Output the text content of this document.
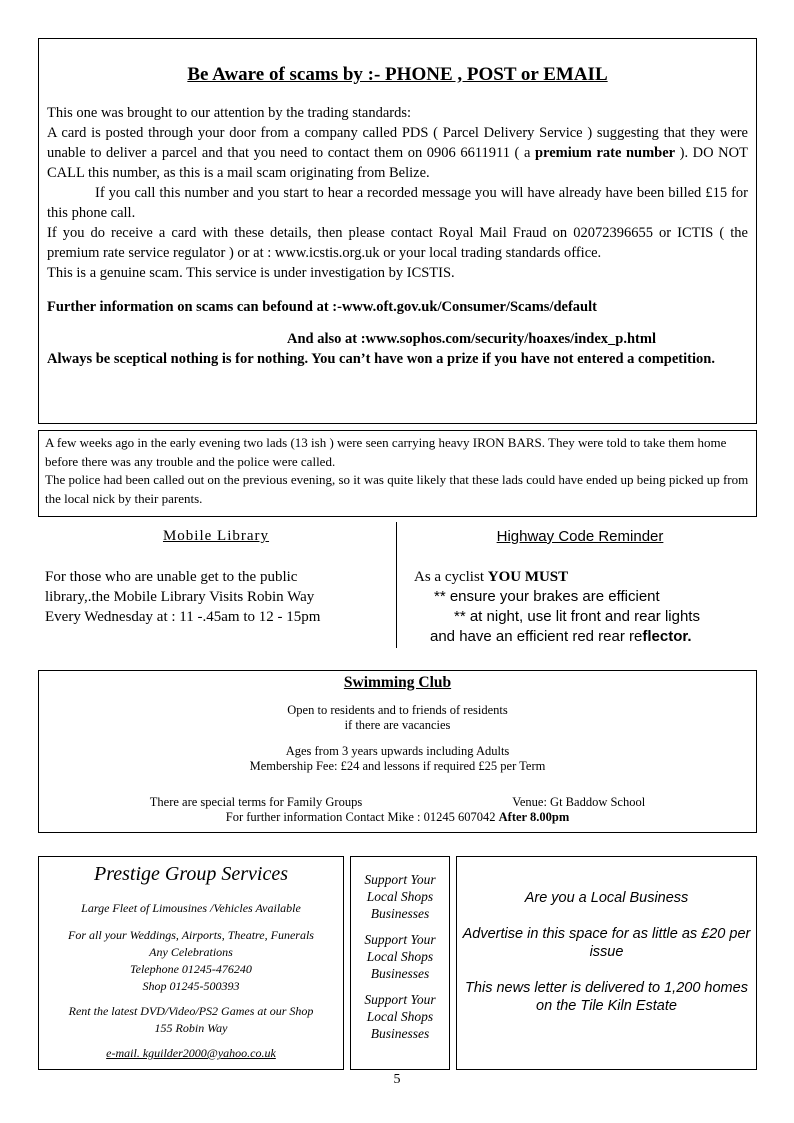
Be Aware of scams by :- PHONE , POST or EMAIL

This one was brought to our attention by the trading standards:

A card is posted through your door from a company called PDS ( Parcel Delivery Service ) suggesting that they were unable to deliver a parcel and that you need to contact them on 0906 6611911 ( a premium rate number ). DO NOT CALL this number, as this is a mail scam originating from Belize.

If you call this number and you start to hear a recorded message you will have already have been billed £15 for this phone call.

If you do receive a card with these details, then please contact Royal Mail Fraud on 02072396655 or ICTIS ( the premium rate service regulator ) or at : www.icstis.org.uk or your local trading standards office.

This is a genuine scam. This service is under investigation by ICSTIS.

Further information on scams can befound at :-www.oft.gov.uk/Consumer/Scams/default

And also at :www.sophos.com/security/hoaxes/index_p.html

Always be sceptical nothing is for nothing. You can’t have won a prize if you have not entered a competition.

A few weeks ago in the early evening two lads (13 ish ) were seen carrying heavy IRON BARS. They were told to take them home before there was any trouble and the police were called.

The police had been called out on the previous evening, so it was quite likely that these lads could have ended up being picked up from the local nick by their parents.

Mobile Library
For those who are unable get to the public
library,.the Mobile Library Visits Robin Way
Every Wednesday at : 11 -.45am to 12 - 15pm
Highway Code Reminder
As a cyclist YOU MUST
** ensure your brakes are efficient
** at night, use lit front and rear lights
and have an efficient red rear reflector.
Swimming Club
Open to residents and to friends of residents
if there are vacancies
Ages from 3 years upwards including Adults
Membership Fee: £24 and lessons if required £25 per Term
There are special terms for Family Groups	Venue: Gt Baddow School
For further information Contact Mike : 01245 607042 After 8.00pm
Prestige Group Services
Large Fleet of Limousines /Vehicles Available
For all your Weddings, Airports, Theatre, Funerals
Any Celebrations
Telephone 01245-476240
Shop 01245-500393
Rent the latest DVD/Video/PS2 Games at our Shop
155 Robin Way
e-mail. kguilder2000@yahoo.co.uk
Support Your Local Shops Businesses
Support Your Local Shops Businesses
Support Your Local Shops Businesses
Are you a Local Business
Advertise in this space for as little as £20 per issue
This news letter is delivered to 1,200 homes on the Tile Kiln Estate
5
